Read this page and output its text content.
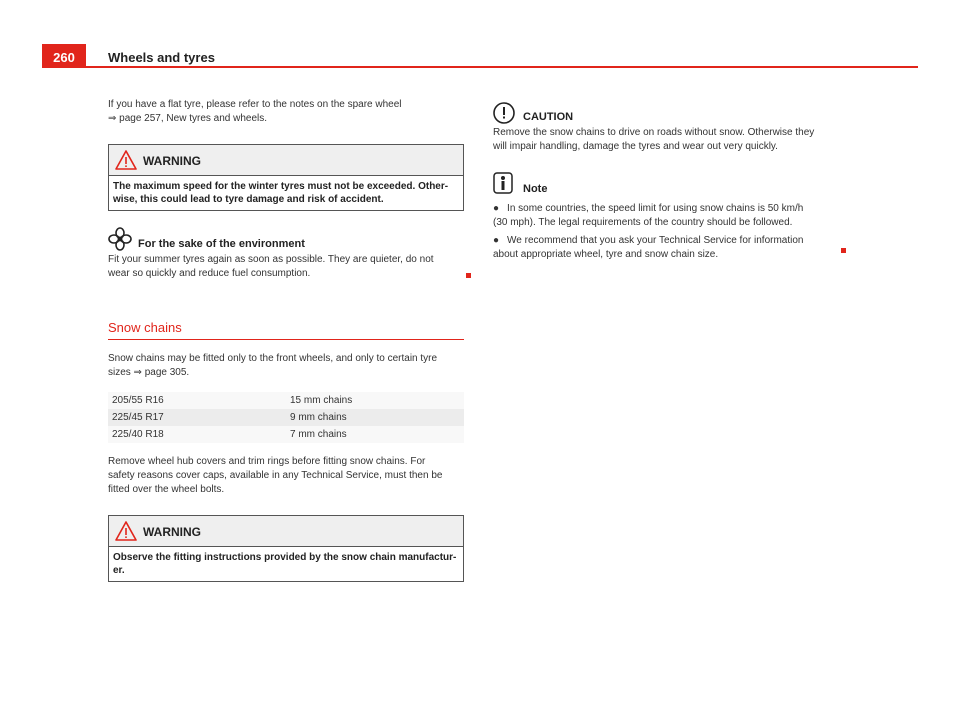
260	Wheels and tyres

If you have a flat tyre, please refer to the notes on the spare wheel
⇒ page 257, New tyres and wheels.

WARNING
The maximum speed for the winter tyres must not be exceeded. Other-
wise, this could lead to tyre damage and risk of accident.
For the sake of the environment

Fit your summer tyres again as soon as possible. They are quieter, do not
wear so quickly and reduce fuel consumption.

Snow chains

Snow chains may be fitted only to the front wheels, and only to certain tyre
sizes ⇒ page 305.

205/55 R16	15 mm chains
225/45 R17	9 mm chains
225/40 R18	7 mm chains

Remove wheel hub covers and trim rings before fitting snow chains. For
safety reasons cover caps, available in any Technical Service, must then be
fitted over the wheel bolts.

WARNING
Observe the fitting instructions provided by the snow chain manufactur-
er.
CAUTION

Remove the snow chains to drive on roads without snow. Otherwise they
will impair handling, damage the tyres and wear out very quickly.

Note
● In some countries, the speed limit for using snow chains is 50 km/h
(30 mph). The legal requirements of the country should be followed.
● We recommend that you ask your Technical Service for information
about appropriate wheel, tyre and snow chain size.
